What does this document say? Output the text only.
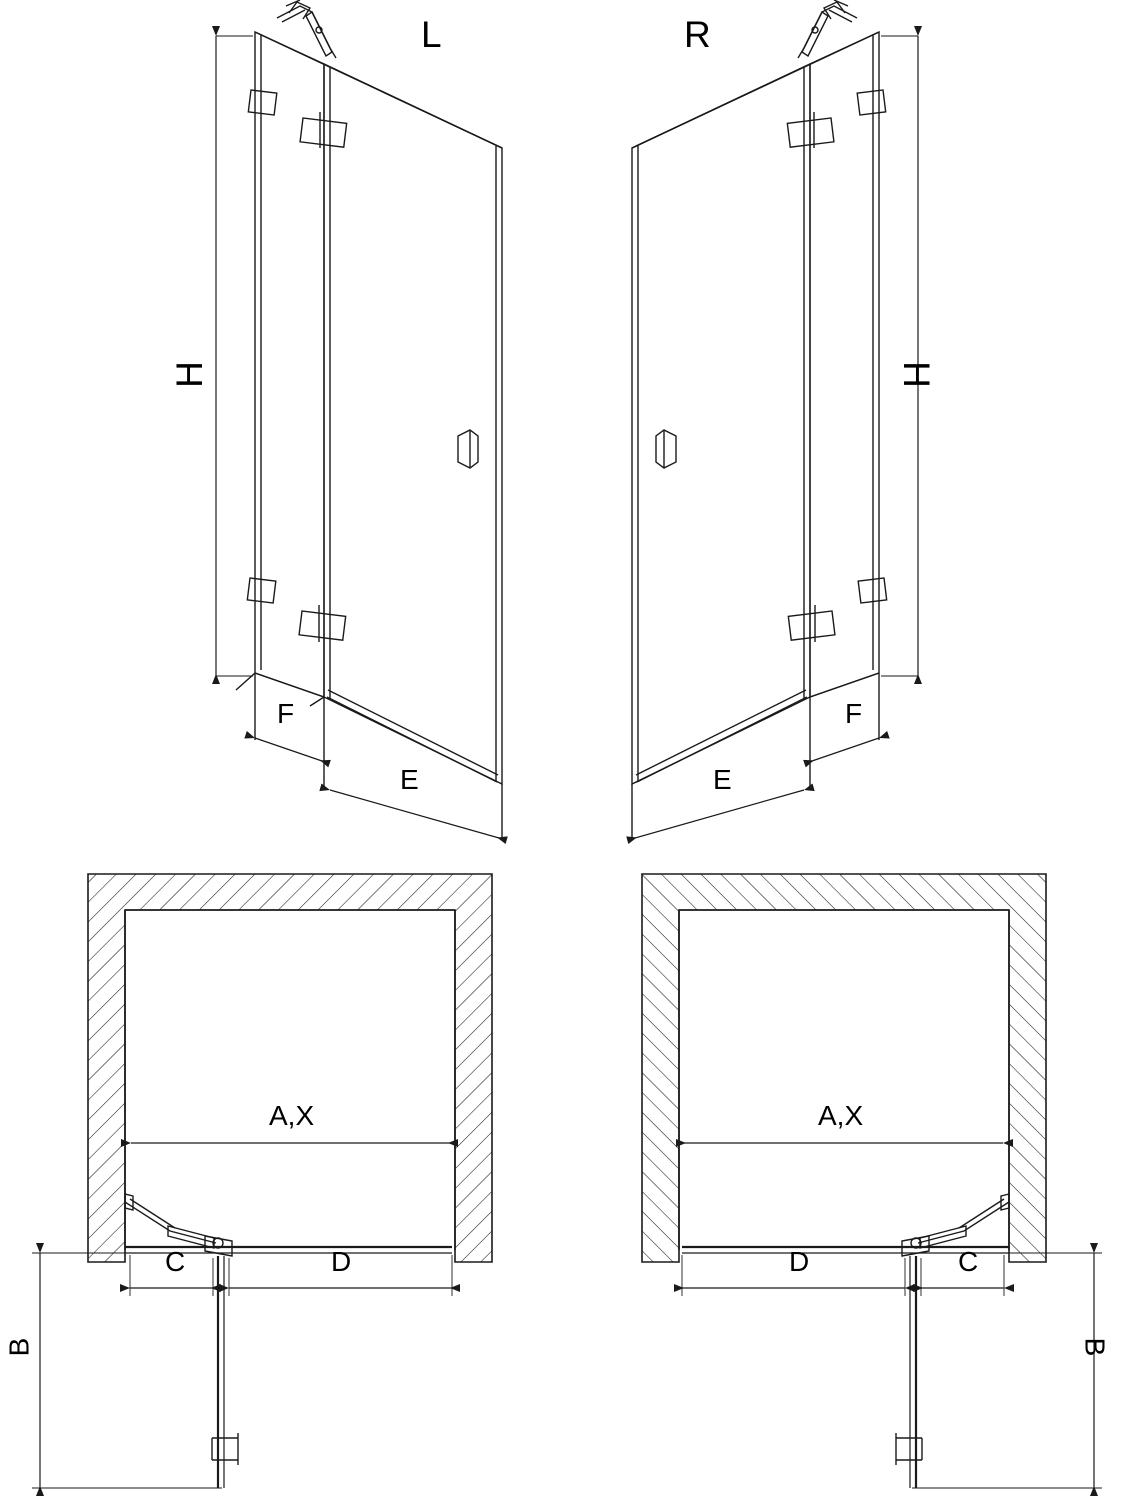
L
H
F
E
R
H
F
E
A,X
C	D
B
A,X
D	C
B
